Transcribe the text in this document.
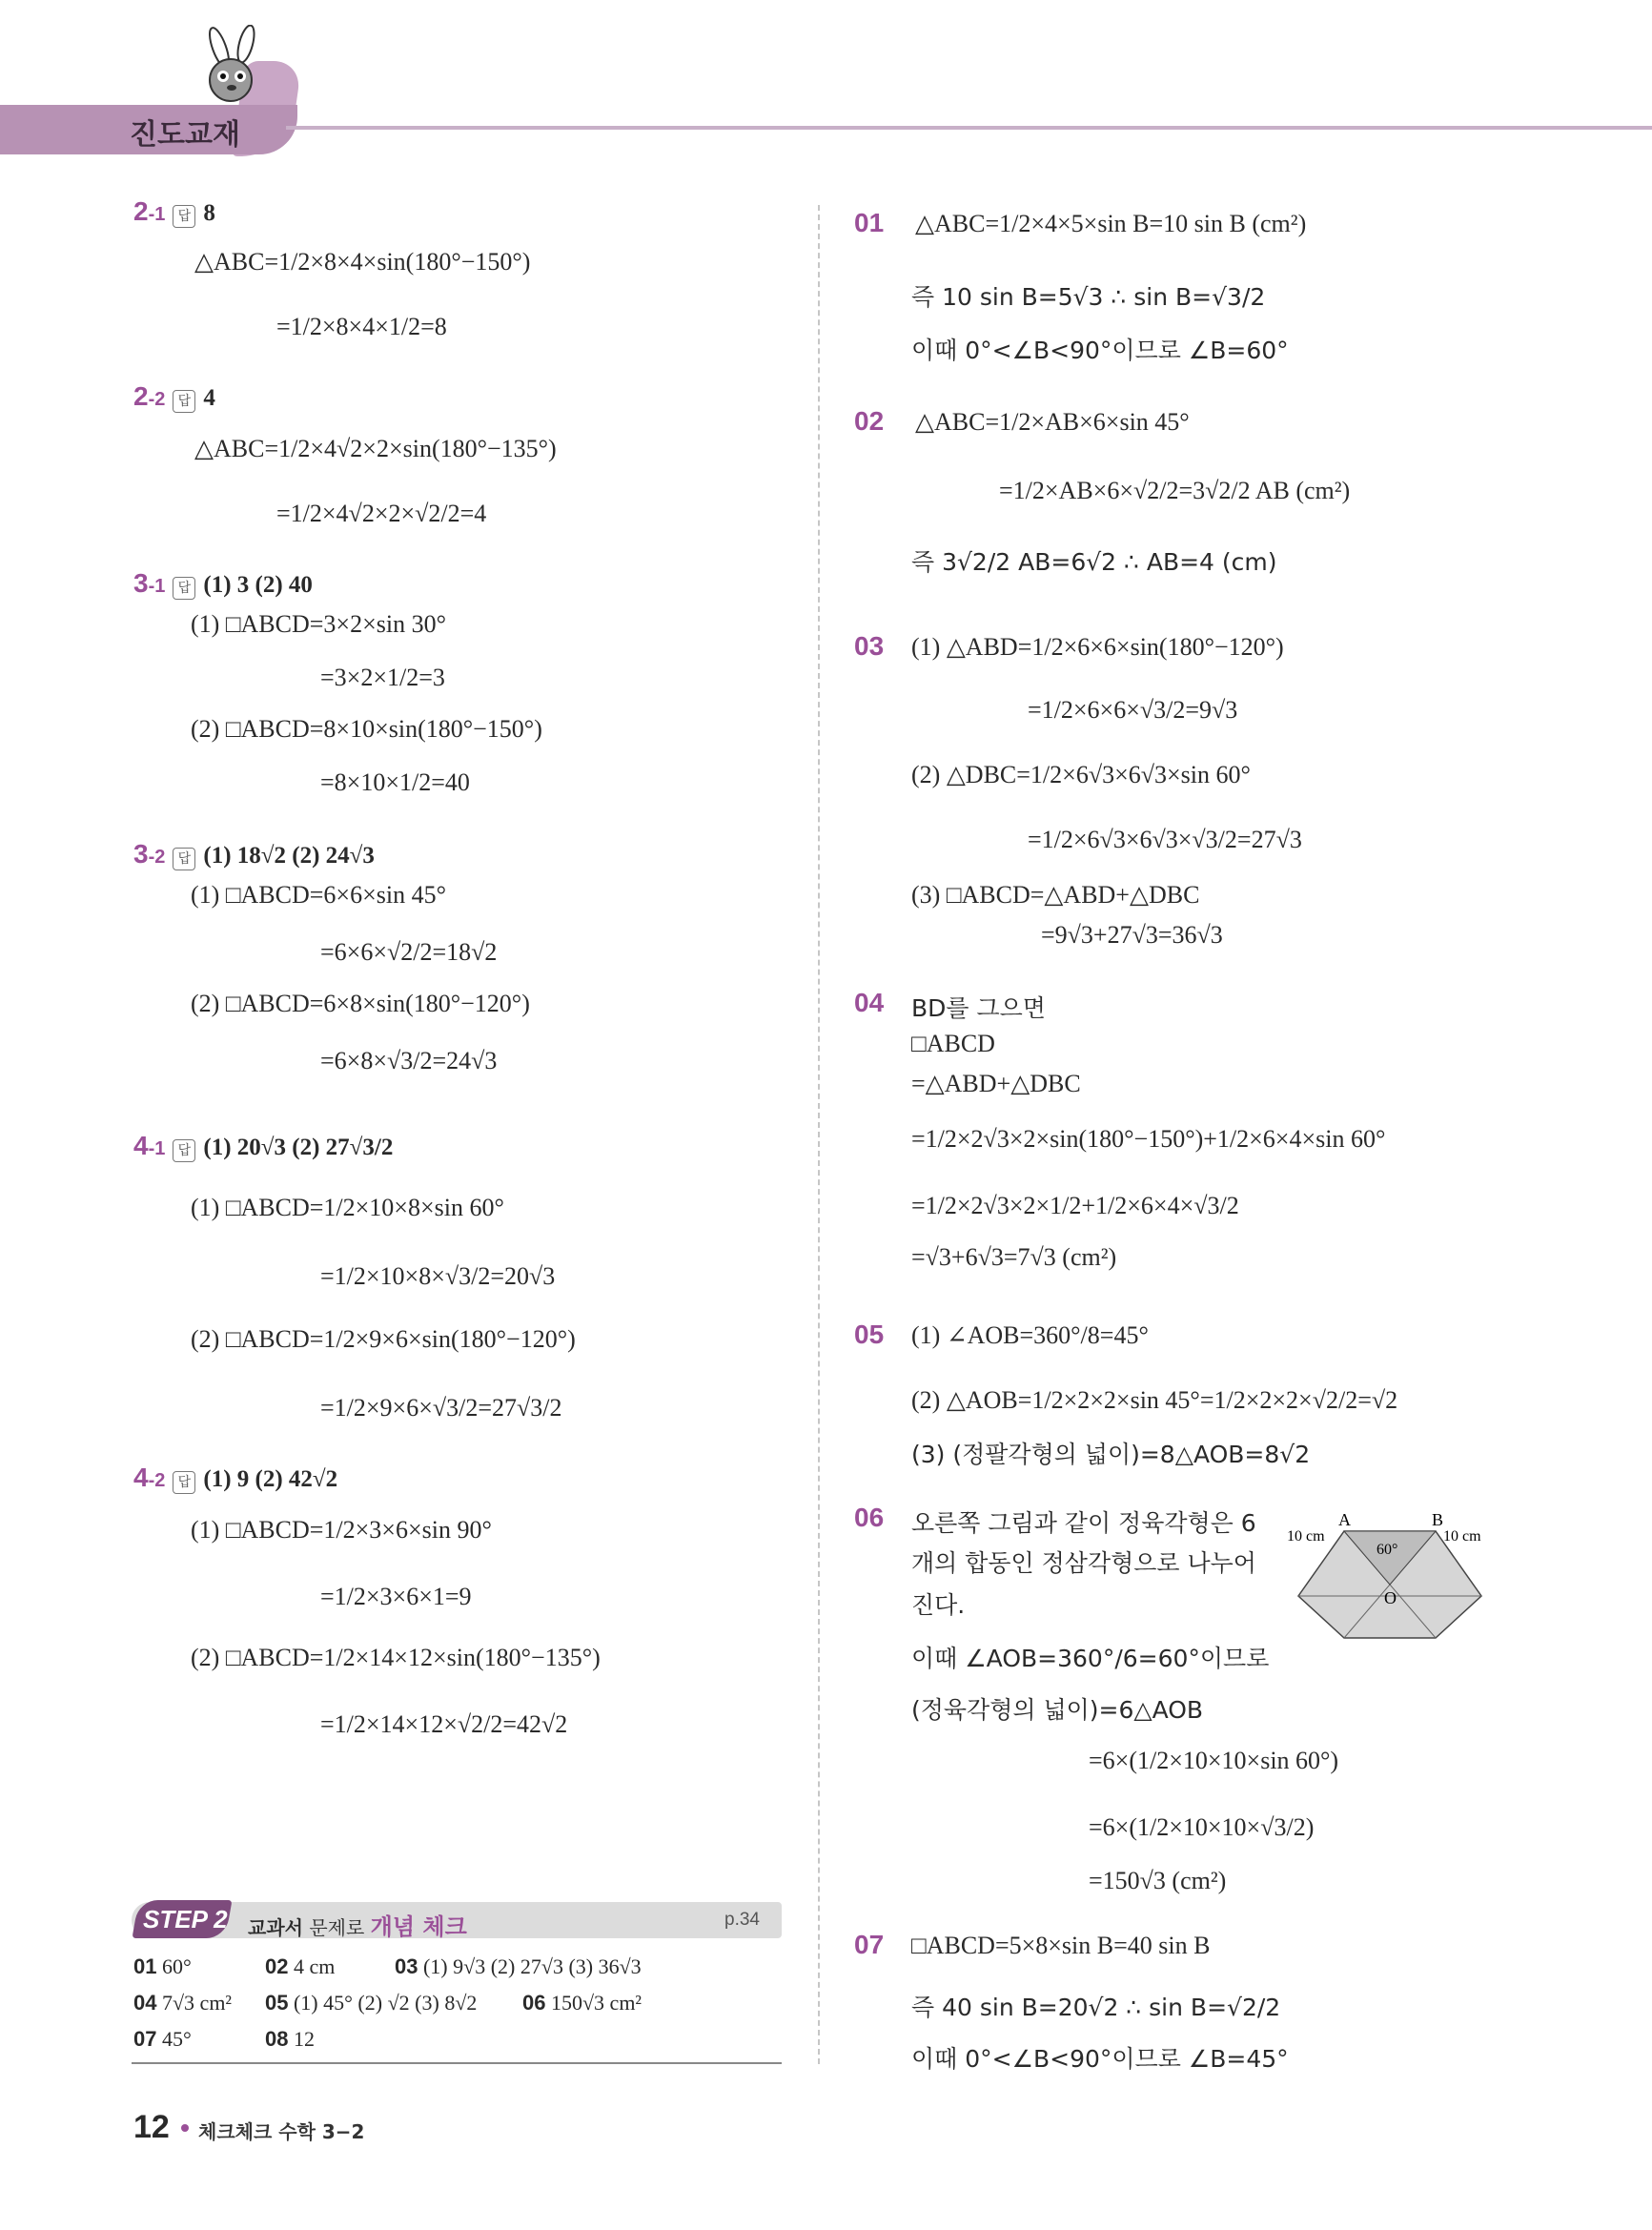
진도교재
2-1 답 8
△ABC=1/2×8×4×sin(180°−150°)
=1/2×8×4×1/2=8
2-2 답 4
△ABC=1/2×4√2×2×sin(180°−135°)
=1/2×4√2×2×√2/2=4
3-1 답 (1) 3 (2) 40
(1) □ABCD=3×2×sin 30°
=3×2×1/2=3
(2) □ABCD=8×10×sin(180°−150°)
=8×10×1/2=40
3-2 답 (1) 18√2 (2) 24√3
(1) □ABCD=6×6×sin 45°
=6×6×√2/2=18√2
(2) □ABCD=6×8×sin(180°−120°)
=6×8×√3/2=24√3
4-1 답 (1) 20√3 (2) 27√3/2
(1) □ABCD=1/2×10×8×sin 60°
=1/2×10×8×√3/2=20√3
(2) □ABCD=1/2×9×6×sin(180°−120°)
=1/2×9×6×√3/2=27√3/2
4-2 답 (1) 9 (2) 42√2
(1) □ABCD=1/2×3×6×sin 90°
=1/2×3×6×1=9
(2) □ABCD=1/2×14×12×sin(180°−135°)
=1/2×14×12×√2/2=42√2
STEP 2 교과서 문제로 개념 체크	p.34
01 60°	02 4 cm	03 (1) 9√3 (2) 27√3 (3) 36√3
04 7√3 cm² 05 (1) 45° (2) √2 (3) 8√2 06 150√3 cm²
07 45°	08 12
01 △ABC=1/2×4×5×sin B=10 sin B (cm²)
즉 10 sin B=5√3 ∴ sin B=√3/2
이때 0°<∠B<90°이므로 ∠B=60°
02 △ABC=1/2×AB×6×sin 45°
=1/2×AB×6×√2/2=3√2/2 AB (cm²)
즉 3√2/2 AB=6√2 ∴ AB=4 (cm)
03 (1) △ABD=1/2×6×6×sin(180°−120°)
=1/2×6×6×√3/2=9√3
(2) △DBC=1/2×6√3×6√3×sin 60°
=1/2×6√3×6√3×√3/2=27√3
(3) □ABCD=△ABD+△DBC
=9√3+27√3=36√3
04 BD를 그으면
□ABCD
=△ABD+△DBC
=1/2×2√3×2×sin(180°−150°)+1/2×6×4×sin 60°
=1/2×2√3×2×1/2+1/2×6×4×√3/2
=√3+6√3=7√3 (cm²)
05 (1) ∠AOB=360°/8=45°
(2) △AOB=1/2×2×2×sin 45°=1/2×2×2×√2/2=√2
(3) (정팔각형의 넓이)=8△AOB=8√2
06 오른쪽 그림과 같이 정육각형은 6
개의 합동인 정삼각형으로 나누어
진다.
이때 ∠AOB=360°/6=60°이므로
(정육각형의 넓이)=6△AOB
=6×(1/2×10×10×sin 60°)
=6×(1/2×10×10×√3/2)
=150√3 (cm²)
A	B
O
60°
10 cm	10 cm
07 □ABCD=5×8×sin B=40 sin B
즉 40 sin B=20√2 ∴ sin B=√2/2
이때 0°<∠B<90°이므로 ∠B=45°
12 체크체크 수학 3−2
